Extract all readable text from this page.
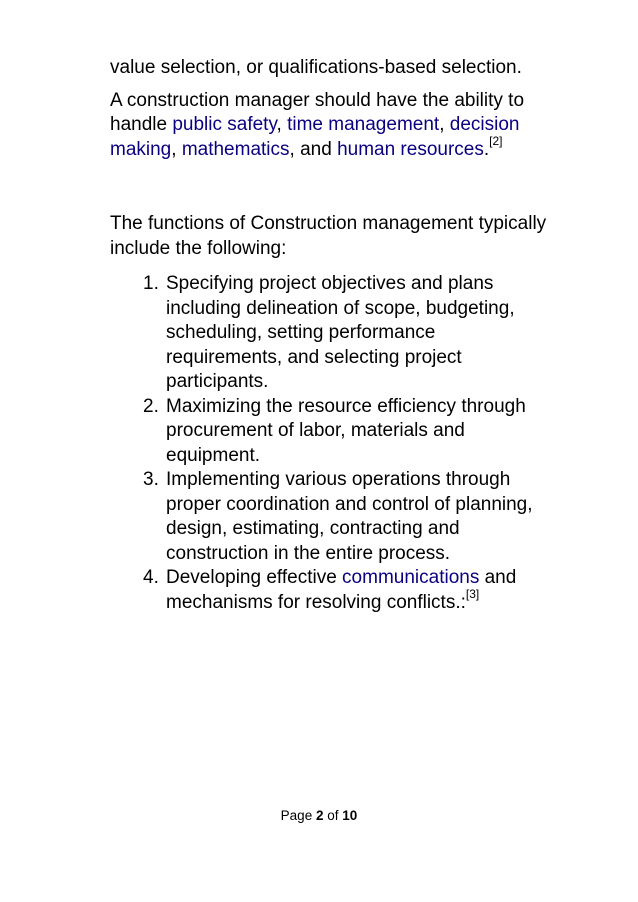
value selection, or qualifications-based selection.

A construction manager should have the ability to handle public safety, time management, decision making, mathematics, and human resources.[2]

The functions of Construction management typically include the following:

1. Specifying project objectives and plans including delineation of scope, budgeting, scheduling, setting performance requirements, and selecting project participants.
2. Maximizing the resource efficiency through procurement of labor, materials and equipment.
3. Implementing various operations through proper coordination and control of planning, design, estimating, contracting and construction in the entire process.
4. Developing effective communications and mechanisms for resolving conflicts.:[3]
Page 2 of 10
